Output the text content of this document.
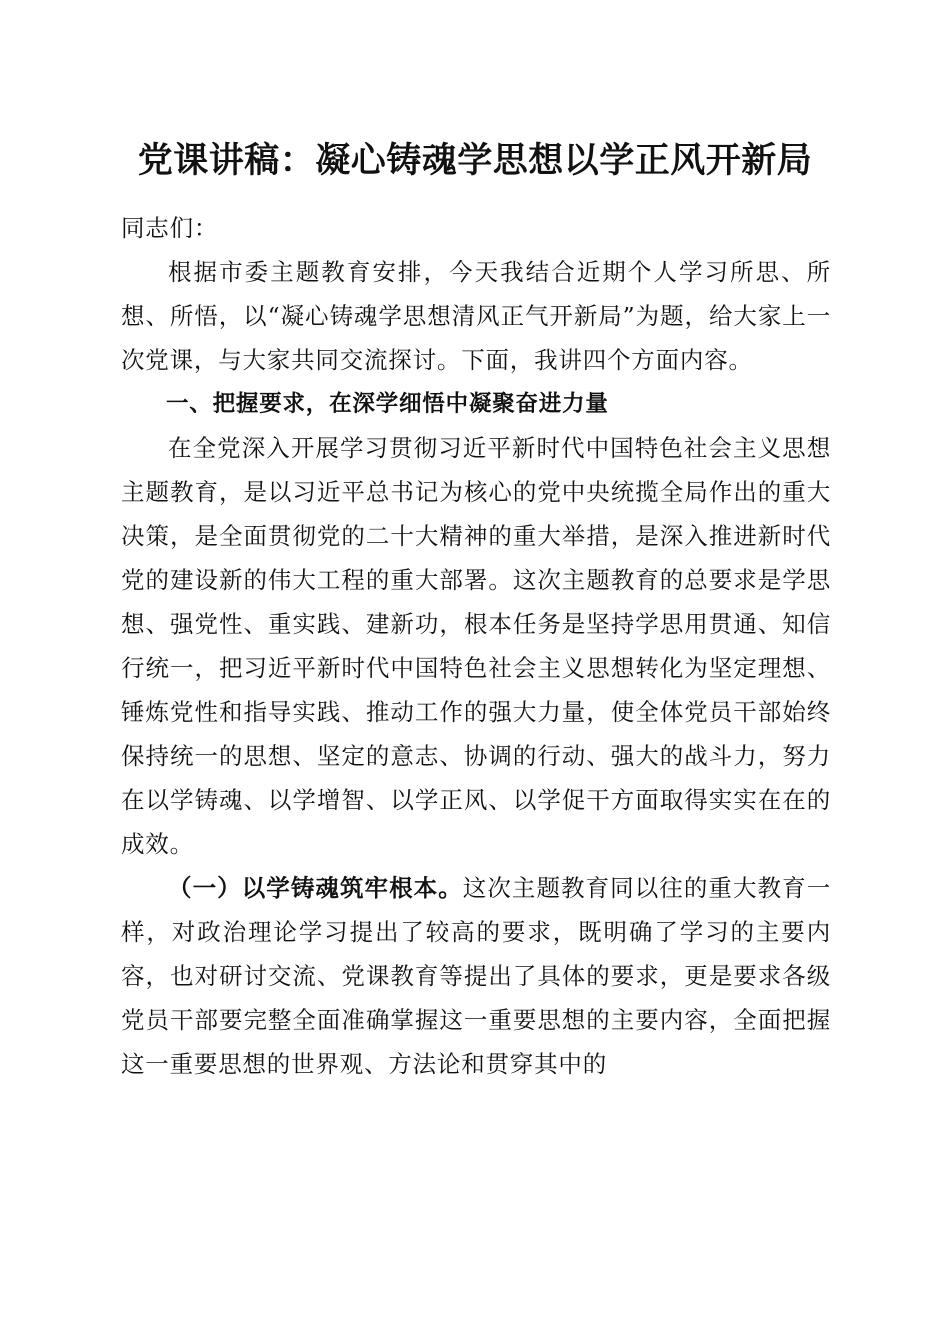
党课讲稿：凝心铸魂学思想以学正风开新局

同志们：

根据市委主题教育安排，今天我结合近期个人学习所思、所想、所悟，以“凝心铸魂学思想清风正气开新局”为题，给大家上一次党课，与大家共同交流探讨。下面，我讲四个方面内容。

一、把握要求，在深学细悟中凝聚奋进力量

在全党深入开展学习贯彻习近平新时代中国特色社会主义思想主题教育，是以习近平总书记为核心的党中央统揽全局作出的重大决策，是全面贯彻党的二十大精神的重大举措，是深入推进新时代党的建设新的伟大工程的重大部署。这次主题教育的总要求是学思想、强党性、重实践、建新功，根本任务是坚持学思用贯通、知信行统一，把习近平新时代中国特色社会主义思想转化为坚定理想、锤炼党性和指导实践、推动工作的强大力量，使全体党员干部始终保持统一的思想、坚定的意志、协调的行动、强大的战斗力，努力在以学铸魂、以学增智、以学正风、以学促干方面取得实实在在的成效。

（一）以学铸魂筑牢根本。这次主题教育同以往的重大教育一样，对政治理论学习提出了较高的要求，既明确了学习的主要内容，也对研讨交流、党课教育等提出了具体的要求，更是要求各级党员干部要完整全面准确掌握这一重要思想的主要内容，全面把握这一重要思想的世界观、方法论和贯穿其中的
